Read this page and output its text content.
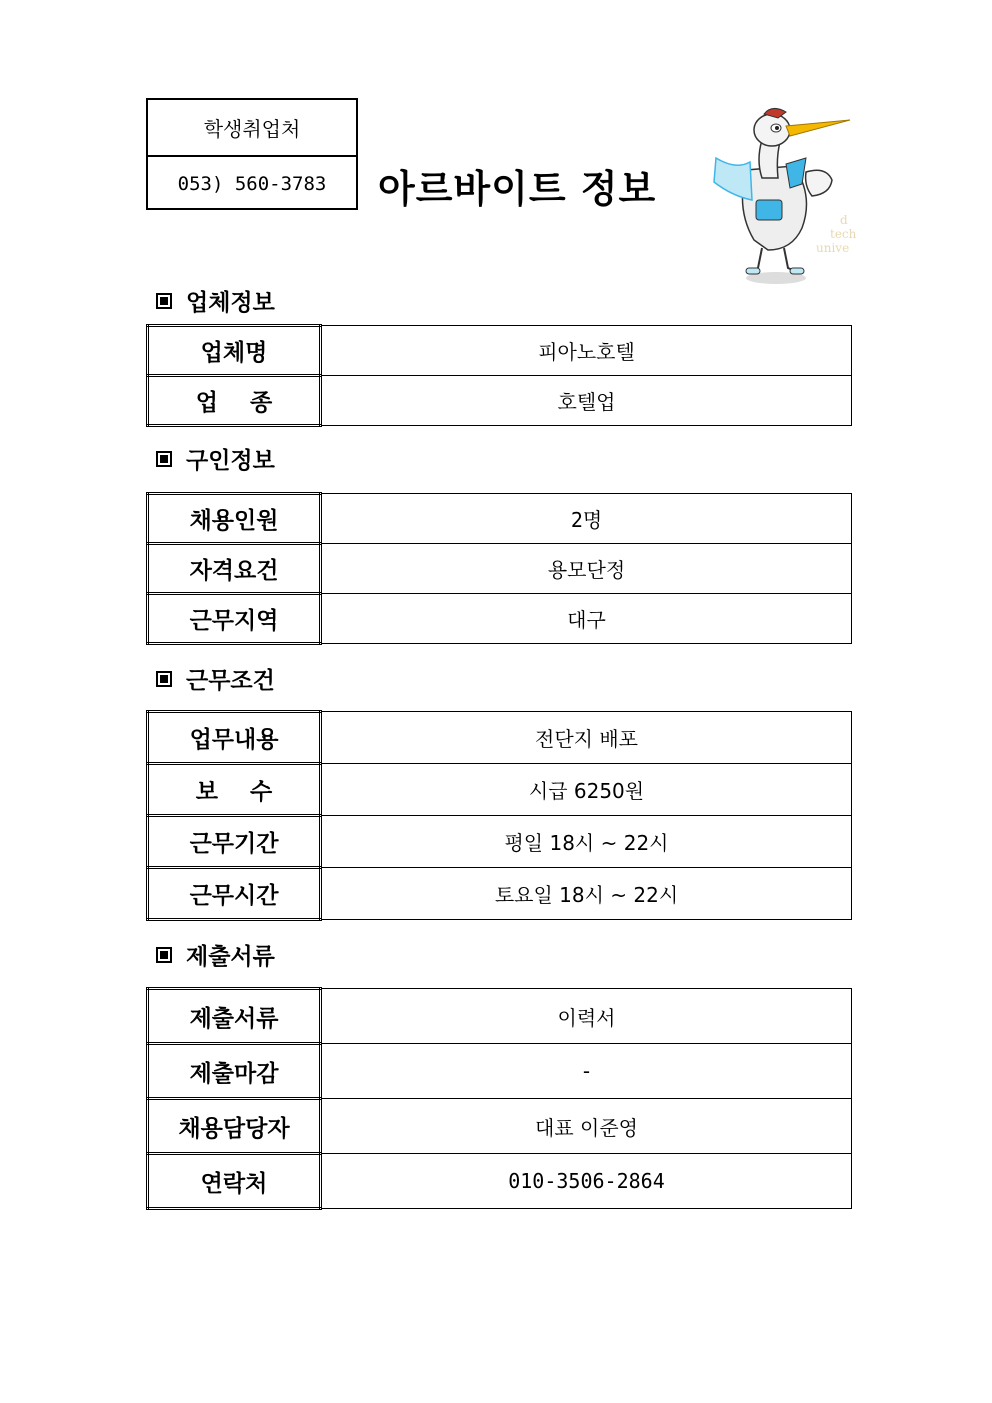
학생취업처
053) 560-3783	아르바이트 정보
d
tech
unive
업체정보
업체명	피아노호텔
업    종	호텔업
구인정보
채용인원	2명
자격요건	용모단정
근무지역	대구
근무조건
업무내용	전단지 배포
보    수	시급 6250원
근무기간	평일 18시 ~ 22시
근무시간	토요일 18시 ~ 22시
제출서류
제출서류	이력서
제출마감	-
채용담당자	대표 이준영
연락처	010-3506-2864
